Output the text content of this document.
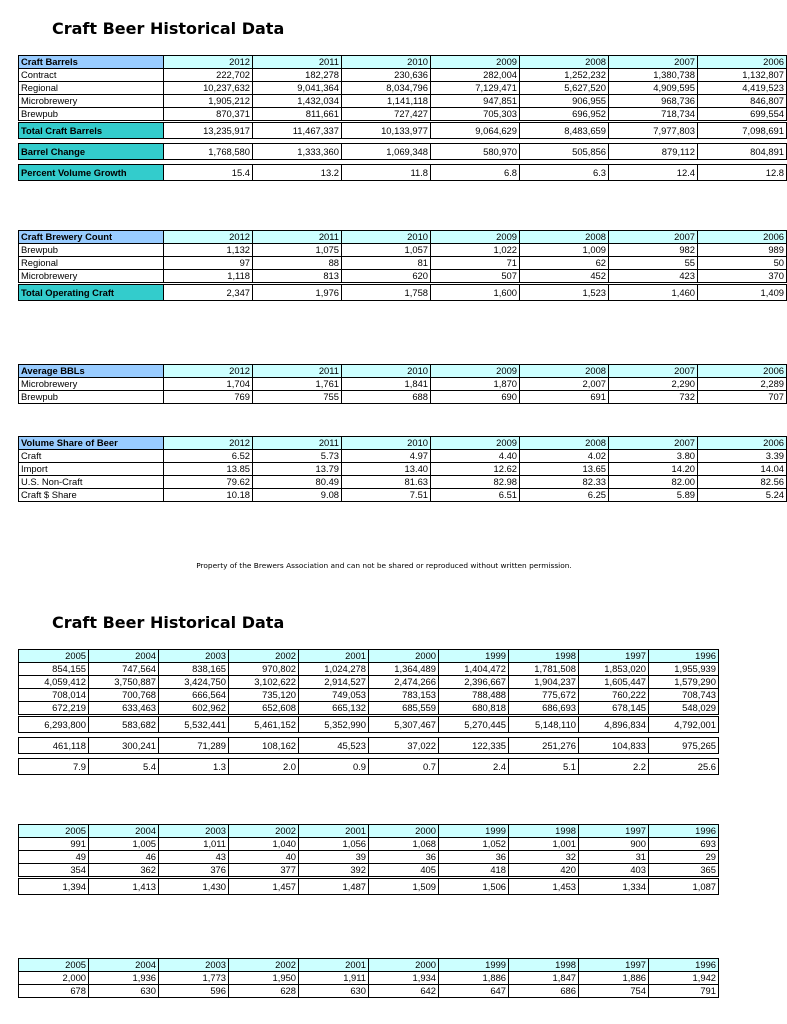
Craft Beer Historical Data
Craft Beer Historical Data
Property of the Brewers Association and can not be shared or reproduced without written permission.
Craft Barrels	2012	2011	2010	2009	2008	2007	2006
Contract	222,702	182,278	230,636	282,004	1,252,232	1,380,738	1,132,807
Regional	10,237,632	9,041,364	8,034,796	7,129,471	5,627,520	4,909,595	4,419,523
Microbrewery	1,905,212	1,432,034	1,141,118	947,851	906,955	968,736	846,807
Brewpub	870,371	811,661	727,427	705,303	696,952	718,734	699,554
Total Craft Barrels	13,235,917	11,467,337	10,133,977	9,064,629	8,483,659	7,977,803	7,098,691

Barrel Change	1,768,580	1,333,360	1,069,348	580,970	505,856	879,112	804,891

Percent Volume Growth	15.4	13.2	11.8	6.8	6.3	12.4	12.8
Craft Brewery Count	2012	2011	2010	2009	2008	2007	2006
Brewpub	1,132	1,075	1,057	1,022	1,009	982	989
Regional	97	88	81	71	62	55	50
Microbrewery	1,118	813	620	507	452	423	370
Total Operating Craft	2,347	1,976	1,758	1,600	1,523	1,460	1,409
Average BBLs	2012	2011	2010	2009	2008	2007	2006
Microbrewery	1,704	1,761	1,841	1,870	2,007	2,290	2,289
Brewpub	769	755	688	690	691	732	707
Volume Share of Beer	2012	2011	2010	2009	2008	2007	2006
Craft	6.52	5.73	4.97	4.40	4.02	3.80	3.39
Import	13.85	13.79	13.40	12.62	13.65	14.20	14.04
U.S. Non-Craft	79.62	80.49	81.63	82.98	82.33	82.00	82.56
Craft $ Share	10.18	9.08	7.51	6.51	6.25	5.89	5.24
2005	2004	2003	2002	2001	2000	1999	1998	1997	1996
854,155	747,564	838,165	970,802	1,024,278	1,364,489	1,404,472	1,781,508	1,853,020	1,955,939
4,059,412	3,750,887	3,424,750	3,102,622	2,914,527	2,474,266	2,396,667	1,904,237	1,605,447	1,579,290
708,014	700,768	666,564	735,120	749,053	783,153	788,488	775,672	760,222	708,743
672,219	633,463	602,962	652,608	665,132	685,559	680,818	686,693	678,145	548,029
6,293,800	583,682	5,532,441	5,461,152	5,352,990	5,307,467	5,270,445	5,148,110	4,896,834	4,792,001

461,118	300,241	71,289	108,162	45,523	37,022	122,335	251,276	104,833	975,265

7.9	5.4	1.3	2.0	0.9	0.7	2.4	5.1	2.2	25.6
2005	2004	2003	2002	2001	2000	1999	1998	1997	1996
991	1,005	1,011	1,040	1,056	1,068	1,052	1,001	900	693
49	46	43	40	39	36	36	32	31	29
354	362	376	377	392	405	418	420	403	365
1,394	1,413	1,430	1,457	1,487	1,509	1,506	1,453	1,334	1,087
2005	2004	2003	2002	2001	2000	1999	1998	1997	1996
2,000	1,936	1,773	1,950	1,911	1,934	1,886	1,847	1,886	1,942
678	630	596	628	630	642	647	686	754	791
